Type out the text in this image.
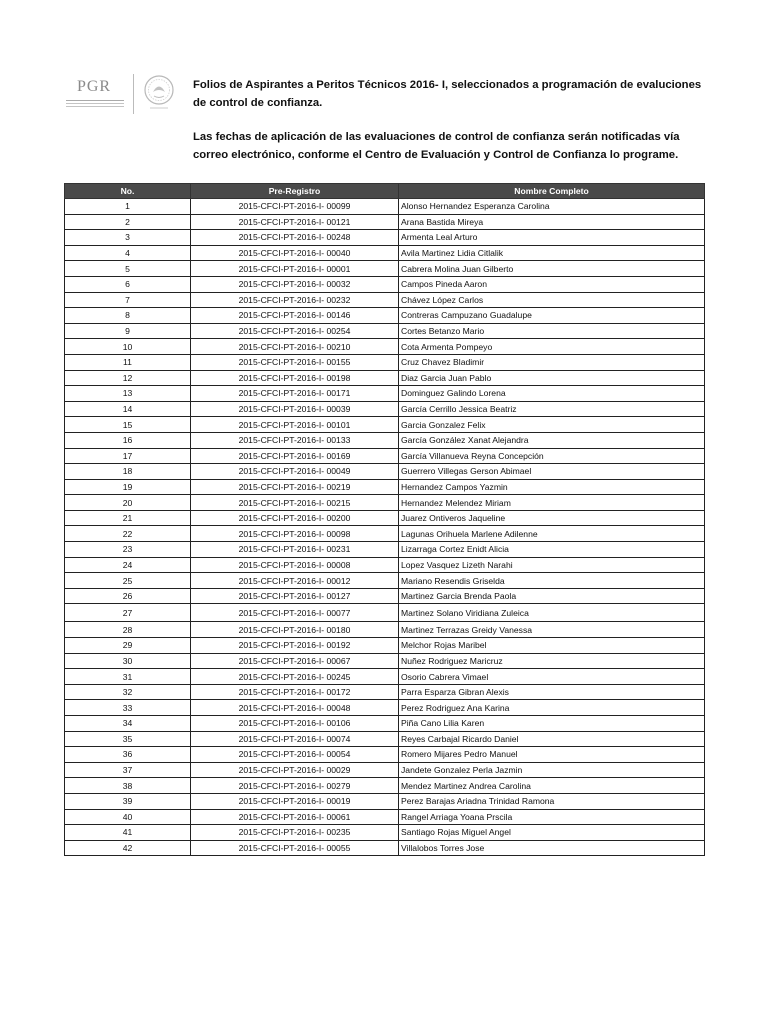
PGR	Folios de Aspirantes a Peritos Técnicos 2016- I, seleccionados a programación de evaluciones de control de confianza.

Las fechas de aplicación de las evaluaciones de control de confianza serán notificadas vía correo electrónico, conforme el Centro de Evaluación y Control de Confianza lo programe.

No.	Pre-Registro	Nombre Completo
1	2015-CFCI-PT-2016-I- 00099	Alonso Hernandez Esperanza Carolina
2	2015-CFCI-PT-2016-I- 00121	Arana Bastida Mireya
3	2015-CFCI-PT-2016-I- 00248	Armenta Leal Arturo
4	2015-CFCI-PT-2016-I- 00040	Avila Martinez Lidia Citlalik
5	2015-CFCI-PT-2016-I- 00001	Cabrera Molina Juan Gilberto
6	2015-CFCI-PT-2016-I- 00032	Campos Pineda Aaron
7	2015-CFCI-PT-2016-I- 00232	Chávez López Carlos
8	2015-CFCI-PT-2016-I- 00146	Contreras Campuzano Guadalupe
9	2015-CFCI-PT-2016-I- 00254	Cortes Betanzo Mario
10	2015-CFCI-PT-2016-I- 00210	Cota Armenta Pompeyo
11	2015-CFCI-PT-2016-I- 00155	Cruz Chavez Bladimir
12	2015-CFCI-PT-2016-I- 00198	Diaz Garcia Juan Pablo
13	2015-CFCI-PT-2016-I- 00171	Dominguez Galindo Lorena
14	2015-CFCI-PT-2016-I- 00039	García Cerrillo Jessica Beatriz
15	2015-CFCI-PT-2016-I- 00101	Garcia Gonzalez Felix
16	2015-CFCI-PT-2016-I- 00133	García González Xanat Alejandra
17	2015-CFCI-PT-2016-I- 00169	García Villanueva Reyna Concepción
18	2015-CFCI-PT-2016-I- 00049	Guerrero Villegas Gerson Abimael
19	2015-CFCI-PT-2016-I- 00219	Hernandez Campos Yazmin
20	2015-CFCI-PT-2016-I- 00215	Hernandez Melendez Miriam
21	2015-CFCI-PT-2016-I- 00200	Juarez Ontiveros Jaqueline
22	2015-CFCI-PT-2016-I- 00098	Lagunas Orihuela Marlene Adilenne
23	2015-CFCI-PT-2016-I- 00231	Lizarraga Cortez Enidt Alicia
24	2015-CFCI-PT-2016-I- 00008	Lopez Vasquez Lizeth Narahi
25	2015-CFCI-PT-2016-I- 00012	Mariano Resendis Griselda
26	2015-CFCI-PT-2016-I- 00127	Martinez Garcia Brenda Paola
27	2015-CFCI-PT-2016-I- 00077	Martinez Solano Viridiana Zuleica
28	2015-CFCI-PT-2016-I- 00180	Martinez Terrazas Greidy Vanessa
29	2015-CFCI-PT-2016-I- 00192	Melchor Rojas Maribel
30	2015-CFCI-PT-2016-I- 00067	Nuñez Rodriguez Maricruz
31	2015-CFCI-PT-2016-I- 00245	Osorio Cabrera Vimael
32	2015-CFCI-PT-2016-I- 00172	Parra Esparza Gibran Alexis
33	2015-CFCI-PT-2016-I- 00048	Perez Rodriguez Ana Karina
34	2015-CFCI-PT-2016-I- 00106	Piña Cano Lilia Karen
35	2015-CFCI-PT-2016-I- 00074	Reyes Carbajal Ricardo Daniel
36	2015-CFCI-PT-2016-I- 00054	Romero Mijares Pedro Manuel
37	2015-CFCI-PT-2016-I- 00029	Jandete Gonzalez Perla Jazmin
38	2015-CFCI-PT-2016-I- 00279	Mendez Martinez Andrea Carolina
39	2015-CFCI-PT-2016-I- 00019	Perez Barajas Ariadna Trinidad Ramona
40	2015-CFCI-PT-2016-I- 00061	Rangel Arriaga Yoana Prscila
41	2015-CFCI-PT-2016-I- 00235	Santiago Rojas Miguel Angel
42	2015-CFCI-PT-2016-I- 00055	Villalobos Torres Jose
